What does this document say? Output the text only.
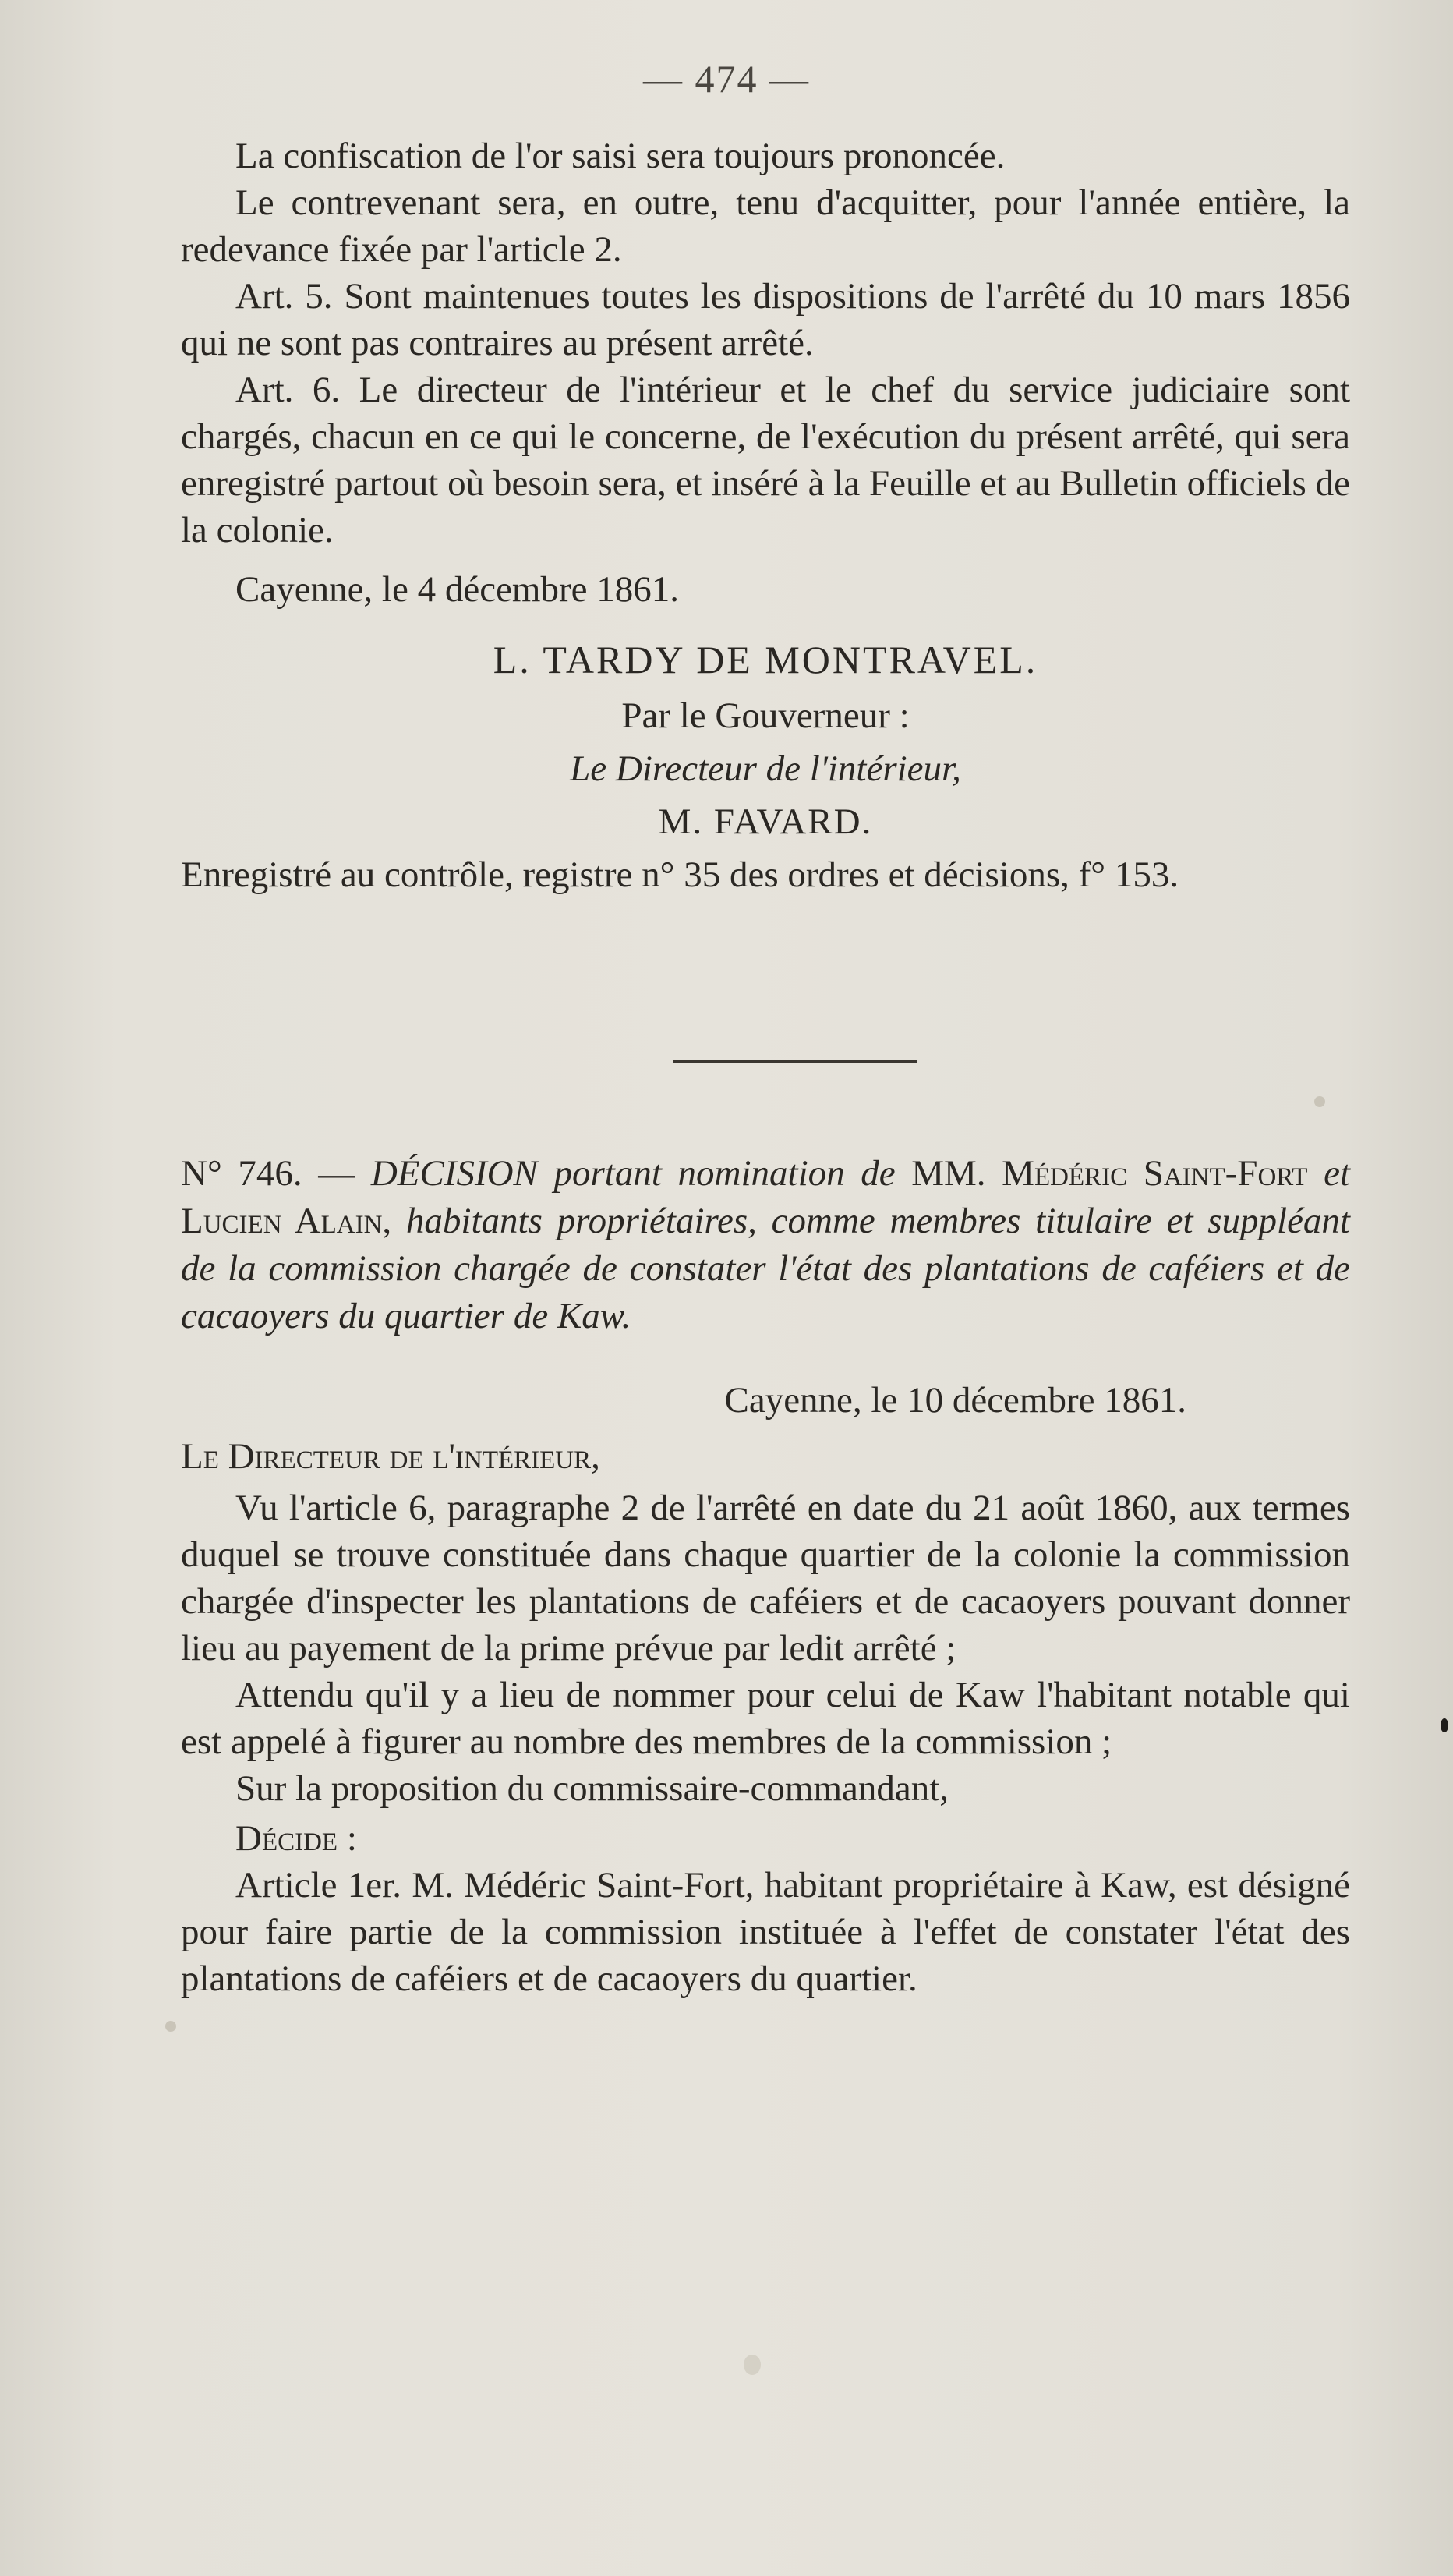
— 474 —

La confiscation de l'or saisi sera toujours prononcée.

Le contrevenant sera, en outre, tenu d'acquitter, pour l'année entière, la redevance fixée par l'article 2.

Art. 5. Sont maintenues toutes les dispositions de l'arrêté du 10 mars 1856 qui ne sont pas contraires au présent arrêté.

Art. 6. Le directeur de l'intérieur et le chef du service judiciaire sont chargés, chacun en ce qui le concerne, de l'exécution du présent arrêté, qui sera enregistré partout où besoin sera, et inséré à la Feuille et au Bulletin officiels de la colonie.

Cayenne, le 4 décembre 1861.

L. TARDY DE MONTRAVEL.
Par le Gouverneur :
Le Directeur de l'intérieur,
M. FAVARD.
Enregistré au contrôle, registre n° 35 des ordres et décisions, f° 153.

N° 746. — DÉCISION portant nomination de MM. Médéric Saint-Fort et Lucien Alain, habitants propriétaires, comme membres titulaire et suppléant de la commission chargée de constater l'état des plantations de caféiers et de cacaoyers du quartier de Kaw.

Cayenne, le 10 décembre 1861.

Le Directeur de l'intérieur,

Vu l'article 6, paragraphe 2 de l'arrêté en date du 21 août 1860, aux termes duquel se trouve constituée dans chaque quartier de la colonie la commission chargée d'inspecter les plantations de caféiers et de cacaoyers pouvant donner lieu au payement de la prime prévue par ledit arrêté ;

Attendu qu'il y a lieu de nommer pour celui de Kaw l'habitant notable qui est appelé à figurer au nombre des membres de la commission ;

Sur la proposition du commissaire-commandant,

Décide :

Article 1er. M. Médéric Saint-Fort, habitant propriétaire à Kaw, est désigné pour faire partie de la commission instituée à l'effet de constater l'état des plantations de caféiers et de cacaoyers du quartier.
